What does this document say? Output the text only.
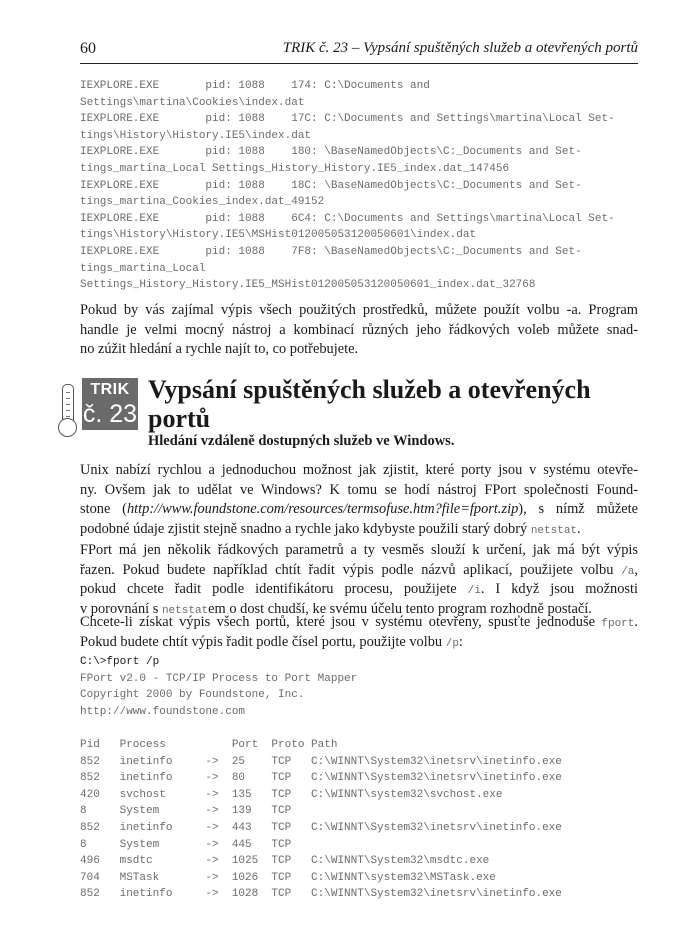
60	TRIK č. 23 – Vypsání spuštěných služeb a otevřených portů
IEXPLORE.EXE       pid: 1088    174: C:\Documents and
Settings\martina\Cookies\index.dat
IEXPLORE.EXE       pid: 1088    17C: C:\Documents and Settings\martina\Local Set-
tings\History\History.IE5\index.dat
IEXPLORE.EXE       pid: 1088    180: \BaseNamedObjects\C:_Documents and Set-
tings_martina_Local Settings_History_History.IE5_index.dat_147456
IEXPLORE.EXE       pid: 1088    18C: \BaseNamedObjects\C:_Documents and Set-
tings_martina_Cookies_index.dat_49152
IEXPLORE.EXE       pid: 1088    6C4: C:\Documents and Settings\martina\Local Set-
tings\History\History.IE5\MSHist012005053120050601\index.dat
IEXPLORE.EXE       pid: 1088    7F8: \BaseNamedObjects\C:_Documents and Set-
tings_martina_Local
Settings_History_History.IE5_MSHist012005053120050601_index.dat_32768
Pokud by vás zajímal výpis všech použitých prostředků, můžete použít volbu -a. Program
handle je velmi mocný nástroj a kombinací různých jeho řádkových voleb můžete snad-
no zúžit hledání a rychle najít to, co potřebujete.
TRIK
č. 23
Vypsání spuštěných služeb a otevřených
portů
Hledání vzdáleně dostupných služeb ve Windows.
Unix nabízí rychlou a jednoduchou možnost jak zjistit, které porty jsou v systému otevře-
ny. Ovšem jak to udělat ve Windows? K tomu se hodí nástroj FPort společnosti Found-
stone (http://www.foundstone.com/resources/termsofuse.htm?file=fport.zip), s nímž můžete
podobné údaje zjistit stejně snadno a rychle jako kdybyste použili starý dobrý netstat.
FPort má jen několik řádkových parametrů a ty vesměs slouží k určení, jak má být výpis
řazen. Pokud budete například chtít řadit výpis podle názvů aplikací, použijete volbu /a,
pokud chcete řadit podle identifikátoru procesu, použijete /i. I když jsou možnosti
v porovnání s netstatem o dost chudší, ke svému účelu tento program rozhodně postačí.
Chcete-li získat výpis všech portů, které jsou v systému otevřeny, spusťte jednoduše fport.
Pokud budete chtít výpis řadit podle čísel portu, použijte volbu /p:
C:\>fport /p
FPort v2.0 - TCP/IP Process to Port Mapper
Copyright 2000 by Foundstone, Inc.
http://www.foundstone.com
Pid   Process          Port  Proto Path
852   inetinfo     ->  25    TCP   C:\WINNT\System32\inetsrv\inetinfo.exe
852   inetinfo     ->  80    TCP   C:\WINNT\System32\inetsrv\inetinfo.exe
420   svchost      ->  135   TCP   C:\WINNT\system32\svchost.exe
8     System       ->  139   TCP
852   inetinfo     ->  443   TCP   C:\WINNT\System32\inetsrv\inetinfo.exe
8     System       ->  445   TCP
496   msdtc        ->  1025  TCP   C:\WINNT\System32\msdtc.exe
704   MSTask       ->  1026  TCP   C:\WINNT\system32\MSTask.exe
852   inetinfo     ->  1028  TCP   C:\WINNT\System32\inetsrv\inetinfo.exe
